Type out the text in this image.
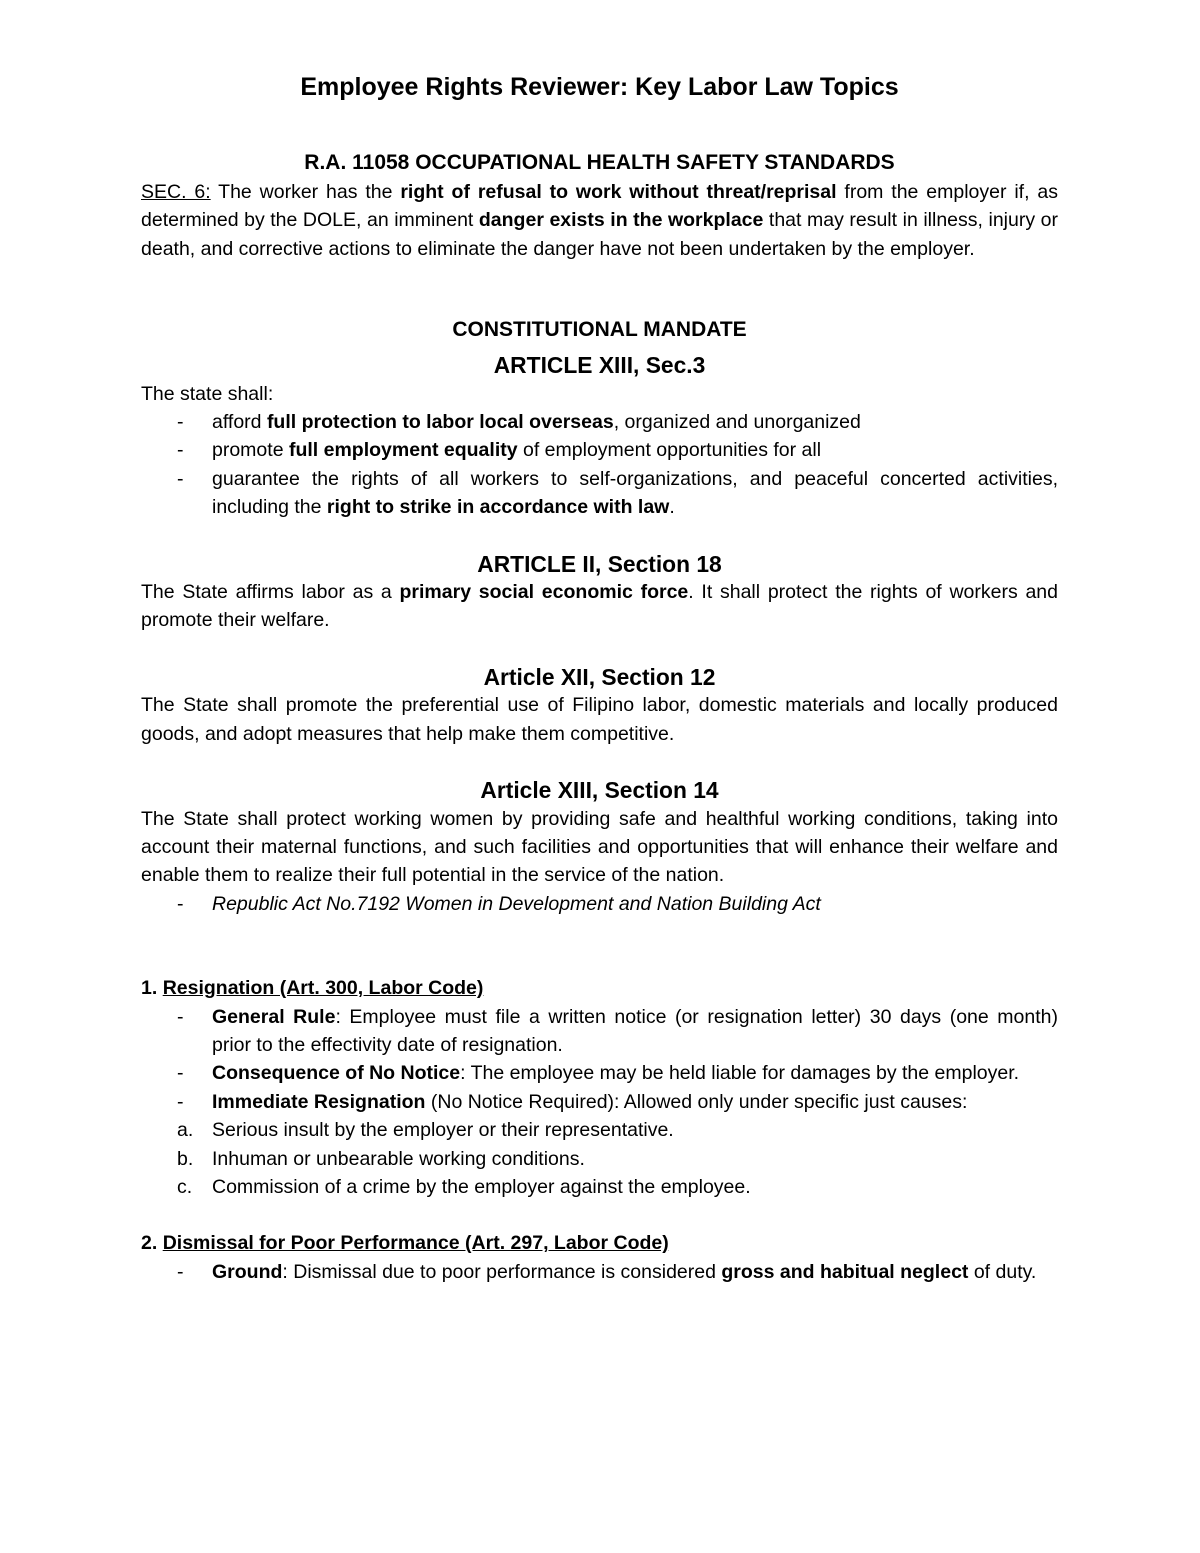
Employee Rights Reviewer: Key Labor Law Topics
R.A. 11058 OCCUPATIONAL HEALTH SAFETY STANDARDS

SEC. 6: The worker has the right of refusal to work without threat/reprisal from the employer if, as determined by the DOLE, an imminent danger exists in the workplace that may result in illness, injury or death, and corrective actions to eliminate the danger have not been undertaken by the employer.

CONSTITUTIONAL MANDATE
ARTICLE XIII, Sec.3

The state shall:

- afford full protection to labor local overseas, organized and unorganized
- promote full employment equality of employment opportunities for all
- guarantee the rights of all workers to self-organizations, and peaceful concerted activities, including the right to strike in accordance with law.
ARTICLE II, Section 18

The State affirms labor as a primary social economic force. It shall protect the rights of workers and promote their welfare.

Article XII, Section 12

The State shall promote the preferential use of Filipino labor, domestic materials and locally produced goods, and adopt measures that help make them competitive.

Article XIII, Section 14

The State shall protect working women by providing safe and healthful working conditions, taking into account their maternal functions, and such facilities and opportunities that will enhance their welfare and enable them to realize their full potential in the service of the nation.

- Republic Act No.7192 Women in Development and Nation Building Act

1. Resignation (Art. 300, Labor Code)

- General Rule: Employee must file a written notice (or resignation letter) 30 days (one month) prior to the effectivity date of resignation.
- Consequence of No Notice: The employee may be held liable for damages by the employer.
- Immediate Resignation (No Notice Required): Allowed only under specific just causes:
a. Serious insult by the employer or their representative.
b. Inhuman or unbearable working conditions.
c. Commission of a crime by the employer against the employee.

2. Dismissal for Poor Performance (Art. 297, Labor Code)

- Ground: Dismissal due to poor performance is considered gross and habitual neglect of duty.
